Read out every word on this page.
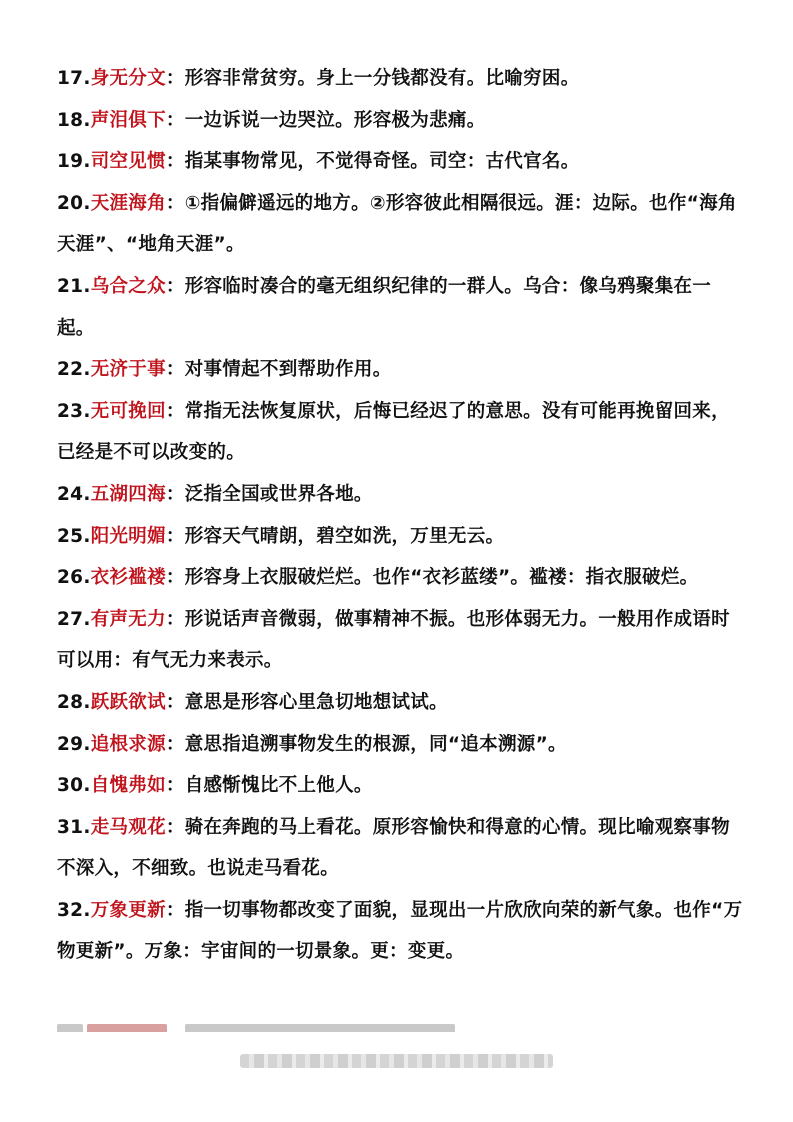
17.身无分文：形容非常贫穷。身上一分钱都没有。比喻穷困。

18.声泪俱下：一边诉说一边哭泣。形容极为悲痛。

19.司空见惯：指某事物常见，不觉得奇怪。司空：古代官名。

20.天涯海角：①指偏僻遥远的地方。②形容彼此相隔很远。涯：边际。也作“海角天涯”、“地角天涯”。

21.乌合之众：形容临时凑合的毫无组织纪律的一群人。乌合：像乌鸦聚集在一起。

22.无济于事：对事情起不到帮助作用。

23.无可挽回：常指无法恢复原状，后悔已经迟了的意思。没有可能再挽留回来，已经是不可以改变的。

24.五湖四海：泛指全国或世界各地。

25.阳光明媚：形容天气晴朗，碧空如洗，万里无云。

26.衣衫褴褛：形容身上衣服破烂烂。也作“衣衫蓝缕”。褴褛：指衣服破烂。

27.有声无力：形说话声音微弱，做事精神不振。也形体弱无力。一般用作成语时可以用：有气无力来表示。

28.跃跃欲试：意思是形容心里急切地想试试。

29.追根求源：意思指追溯事物发生的根源，同“追本溯源”。

30.自愧弗如：自感惭愧比不上他人。

31.走马观花：骑在奔跑的马上看花。原形容愉快和得意的心情。现比喻观察事物不深入，不细致。也说走马看花。

32.万象更新：指一切事物都改变了面貌，显现出一片欣欣向荣的新气象。也作“万物更新”。万象：宇宙间的一切景象。更：变更。
